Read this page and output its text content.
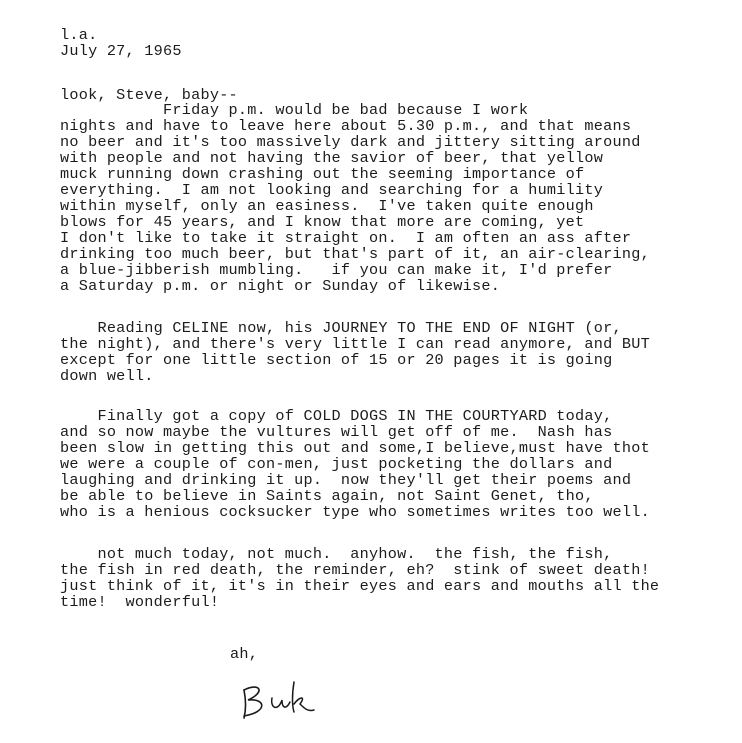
l.a.
July 27, 1965
look, Steve, baby--
Friday p.m. would be bad because I work
nights and have to leave here about 5.30 p.m., and that means
no beer and it's too massively dark and jittery sitting around
with people and not having the savior of beer, that yellow
muck running down crashing out the seeming importance of
everything.  I am not looking and searching for a humility
within myself, only an easiness.  I've taken quite enough
blows for 45 years, and I know that more are coming, yet
I don't like to take it straight on.  I am often an ass after
drinking too much beer, but that's part of it, an air-clearing,
a blue-jibberish mumbling.   if you can make it, I'd prefer
a Saturday p.m. or night or Sunday of likewise.
Reading CELINE now, his JOURNEY TO THE END OF NIGHT (or,
the night), and there's very little I can read anymore, and BUT
except for one little section of 15 or 20 pages it is going
down well.
Finally got a copy of COLD DOGS IN THE COURTYARD today,
and so now maybe the vultures will get off of me.  Nash has
been slow in getting this out and some,I believe,must have thot
we were a couple of con-men, just pocketing the dollars and
laughing and drinking it up.  now they'll get their poems and
be able to believe in Saints again, not Saint Genet, tho,
who is a henious cocksucker type who sometimes writes too well.
not much today, not much.  anyhow.  the fish, the fish,
the fish in red death, the reminder, eh?  stink of sweet death!
just think of it, it's in their eyes and ears and mouths all the
time!  wonderful!
ah,
